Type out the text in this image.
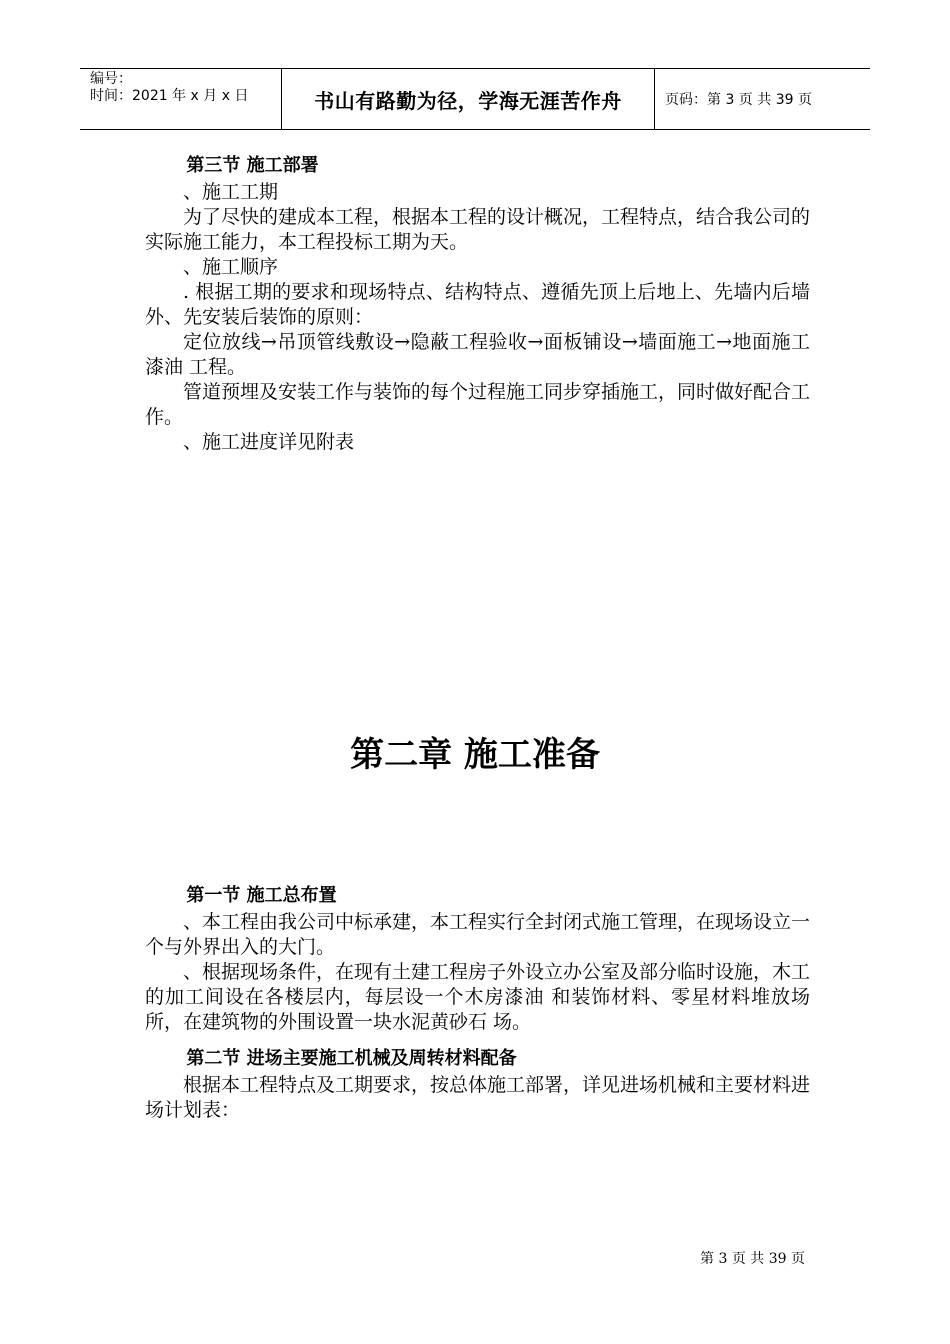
编号：
时间：2021 年 x 月 x 日	书山有路勤为径，学海无涯苦作舟	页码：第 3 页 共 39 页

第三节 施工部署

、施工工期

为了尽快的建成本工程，根据本工程的设计概况，工程特点，结合我公司的实际施工能力，本工程投标工期为天。

、施工顺序

. 根据工期的要求和现场特点、结构特点、遵循先顶上后地上、先墙内后墙外、先安装后装饰的原则：

定位放线→吊顶管线敷设→隐蔽工程验收→面板铺设→墙面施工→地面施工漆油 工程。

管道预埋及安装工作与装饰的每个过程施工同步穿插施工，同时做好配合工作。

、施工进度详见附表

第二章 施工准备

第一节 施工总布置

、本工程由我公司中标承建，本工程实行全封闭式施工管理，在现场设立一个与外界出入的大门。

、根据现场条件，在现有土建工程房子外设立办公室及部分临时设施，木工的加工间设在各楼层内，每层设一个木房漆油 和装饰材料、零星材料堆放场所，在建筑物的外围设置一块水泥黄砂石 场。

第二节 进场主要施工机械及周转材料配备

根据本工程特点及工期要求，按总体施工部署，详见进场机械和主要材料进场计划表：

第 3 页 共 39 页
